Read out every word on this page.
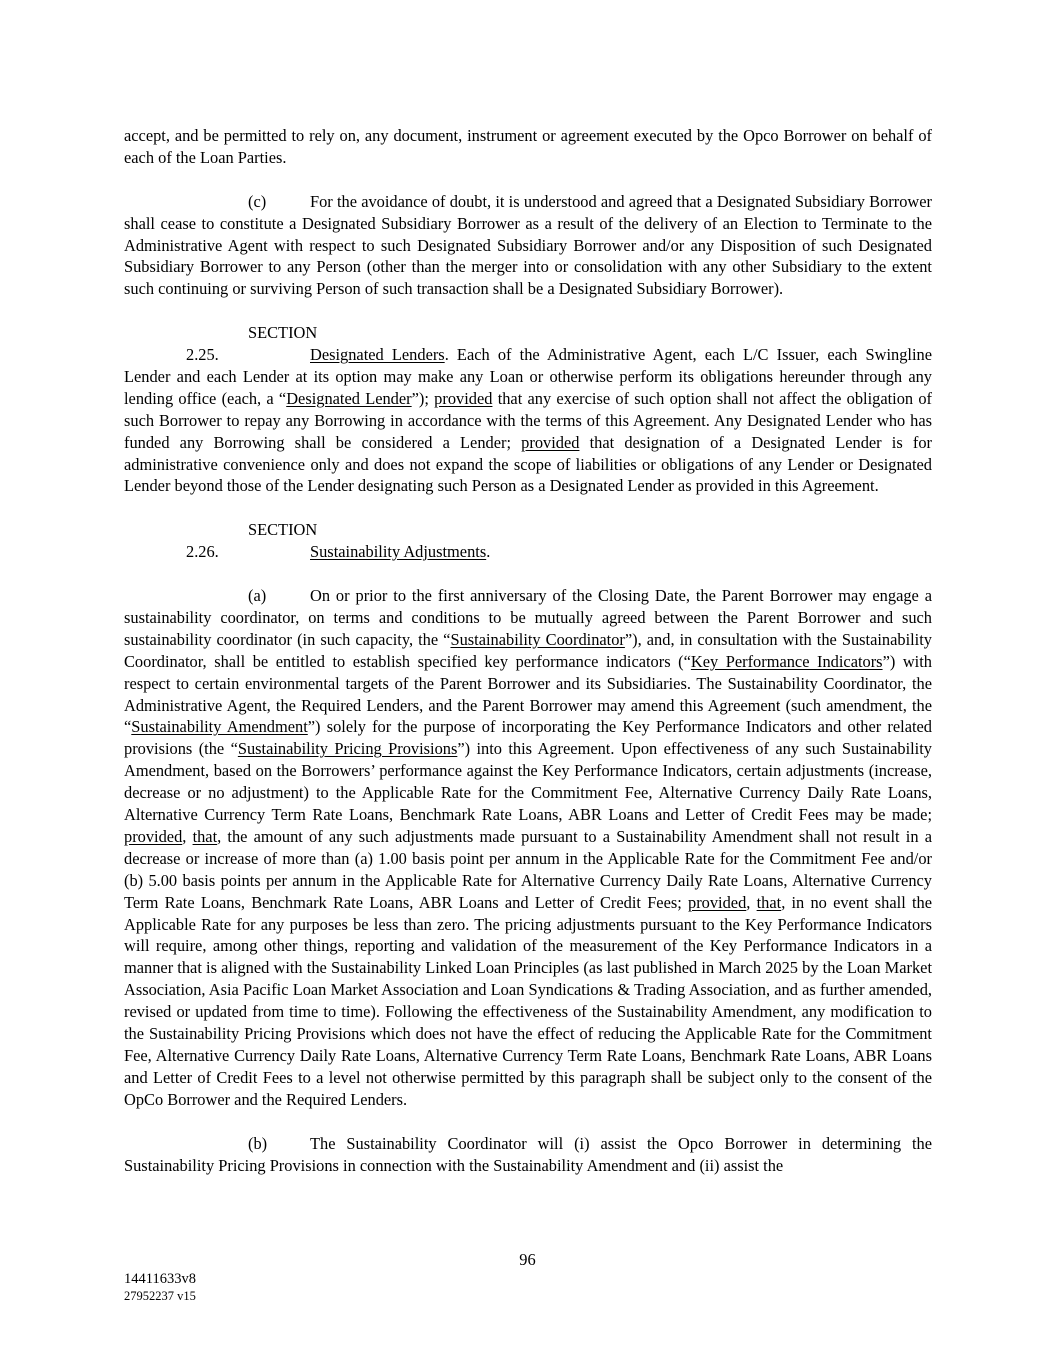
accept, and be permitted to rely on, any document, instrument or agreement executed by the Opco Borrower on behalf of each of the Loan Parties.

(c)	For the avoidance of doubt, it is understood and agreed that a Designated Subsidiary Borrower shall cease to constitute a Designated Subsidiary Borrower as a result of the delivery of an Election to Terminate to the Administrative Agent with respect to such Designated Subsidiary Borrower and/or any Disposition of such Designated Subsidiary Borrower to any Person (other than the merger into or consolidation with any other Subsidiary to the extent such continuing or surviving Person of such transaction shall be a Designated Subsidiary Borrower).

SECTION 2.25.	Designated Lenders. Each of the Administrative Agent, each L/C Issuer, each Swingline Lender and each Lender at its option may make any Loan or otherwise perform its obligations hereunder through any lending office (each, a “Designated Lender”); provided that any exercise of such option shall not affect the obligation of such Borrower to repay any Borrowing in accordance with the terms of this Agreement. Any Designated Lender who has funded any Borrowing shall be considered a Lender; provided that designation of a Designated Lender is for administrative convenience only and does not expand the scope of liabilities or obligations of any Lender or Designated Lender beyond those of the Lender designating such Person as a Designated Lender as provided in this Agreement.

SECTION 2.26.	Sustainability Adjustments.

(a)	On or prior to the first anniversary of the Closing Date, the Parent Borrower may engage a sustainability coordinator, on terms and conditions to be mutually agreed between the Parent Borrower and such sustainability coordinator (in such capacity, the “Sustainability Coordinator”), and, in consultation with the Sustainability Coordinator, shall be entitled to establish specified key performance indicators (“Key Performance Indicators”) with respect to certain environmental targets of the Parent Borrower and its Subsidiaries. The Sustainability Coordinator, the Administrative Agent, the Required Lenders, and the Parent Borrower may amend this Agreement (such amendment, the “Sustainability Amendment”) solely for the purpose of incorporating the Key Performance Indicators and other related provisions (the “Sustainability Pricing Provisions”) into this Agreement. Upon effectiveness of any such Sustainability Amendment, based on the Borrowers’ performance against the Key Performance Indicators, certain adjustments (increase, decrease or no adjustment) to the Applicable Rate for the Commitment Fee, Alternative Currency Daily Rate Loans, Alternative Currency Term Rate Loans, Benchmark Rate Loans, ABR Loans and Letter of Credit Fees may be made; provided, that, the amount of any such adjustments made pursuant to a Sustainability Amendment shall not result in a decrease or increase of more than (a) 1.00 basis point per annum in the Applicable Rate for the Commitment Fee and/or (b) 5.00 basis points per annum in the Applicable Rate for Alternative Currency Daily Rate Loans, Alternative Currency Term Rate Loans, Benchmark Rate Loans, ABR Loans and Letter of Credit Fees; provided, that, in no event shall the Applicable Rate for any purposes be less than zero. The pricing adjustments pursuant to the Key Performance Indicators will require, among other things, reporting and validation of the measurement of the Key Performance Indicators in a manner that is aligned with the Sustainability Linked Loan Principles (as last published in March 2025 by the Loan Market Association, Asia Pacific Loan Market Association and Loan Syndications & Trading Association, and as further amended, revised or updated from time to time). Following the effectiveness of the Sustainability Amendment, any modification to the Sustainability Pricing Provisions which does not have the effect of reducing the Applicable Rate for the Commitment Fee, Alternative Currency Daily Rate Loans, Alternative Currency Term Rate Loans, Benchmark Rate Loans, ABR Loans and Letter of Credit Fees to a level not otherwise permitted by this paragraph shall be subject only to the consent of the OpCo Borrower and the Required Lenders.

(b)	The Sustainability Coordinator will (i) assist the Opco Borrower in determining the Sustainability Pricing Provisions in connection with the Sustainability Amendment and (ii) assist the

96
14411633v8
27952237 v15
